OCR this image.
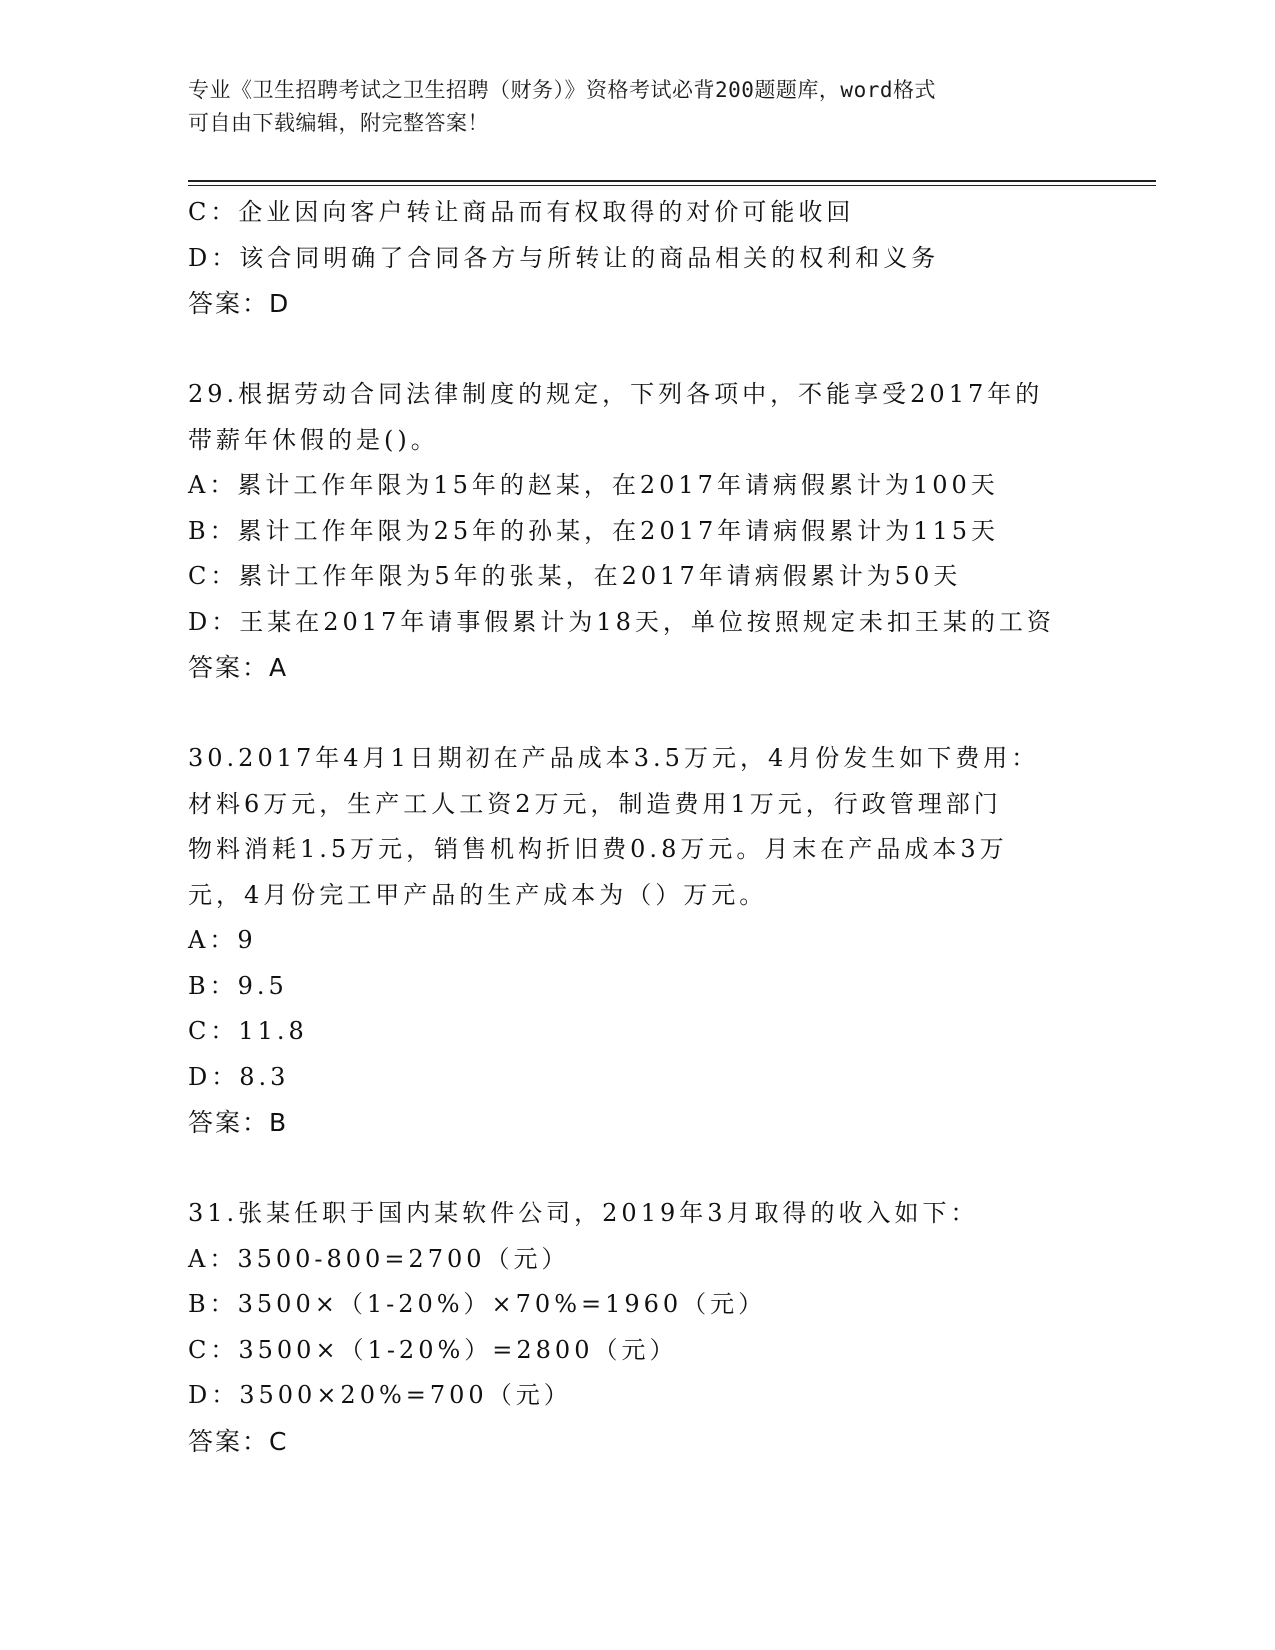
专业《卫生招聘考试之卫生招聘（财务）》资格考试必背200题题库，word格式
可自由下载编辑，附完整答案！
C：企业因向客户转让商品而有权取得的对价可能收回
D：该合同明确了合同各方与所转让的商品相关的权利和义务
答案：D
29.根据劳动合同法律制度的规定，下列各项中，不能享受2017年的
带薪年休假的是()。
A：累计工作年限为15年的赵某，在2017年请病假累计为100天
B：累计工作年限为25年的孙某，在2017年请病假累计为115天
C：累计工作年限为5年的张某，在2017年请病假累计为50天
D：王某在2017年请事假累计为18天，单位按照规定未扣王某的工资
答案：A
30.2017年4月1日期初在产品成本3.5万元，4月份发生如下费用：
材料6万元，生产工人工资2万元，制造费用1万元，行政管理部门
物料消耗1.5万元，销售机构折旧费0.8万元。月末在产品成本3万
元，4月份完工甲产品的生产成本为（）万元。
A：9
B：9.5
C：11.8
D：8.3
答案：B
31.张某任职于国内某软件公司，2019年3月取得的收入如下：
A：3500-800=2700（元）
B：3500×（1-20%）×70%=1960（元）
C：3500×（1-20%）=2800（元）
D：3500×20%=700（元）
答案：C
